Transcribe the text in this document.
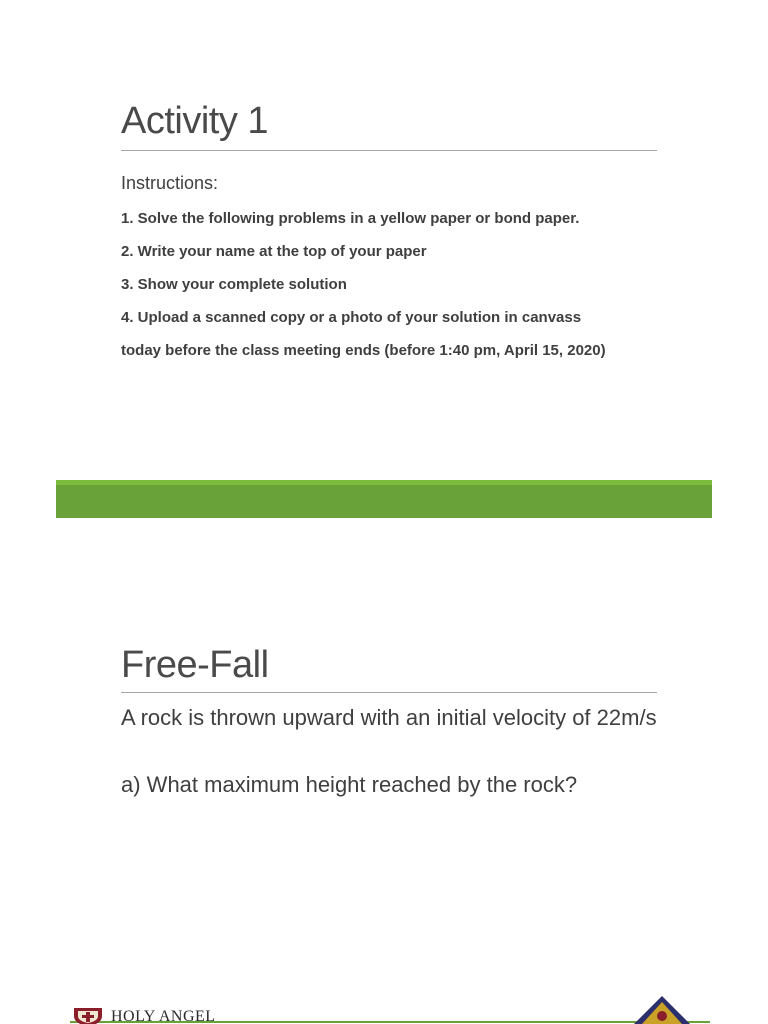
Activity 1
Instructions:
1. Solve the following problems in a yellow paper or bond paper.
2. Write your name at the top of your paper
3. Show your complete solution
4. Upload a scanned copy or a photo of your solution in canvass
today before the class meeting ends (before 1:40 pm, April 15, 2020)
Free-Fall
A rock is thrown upward with an initial velocity of 22m/s
a) What maximum height reached by the rock?
HOLY ANGEL
